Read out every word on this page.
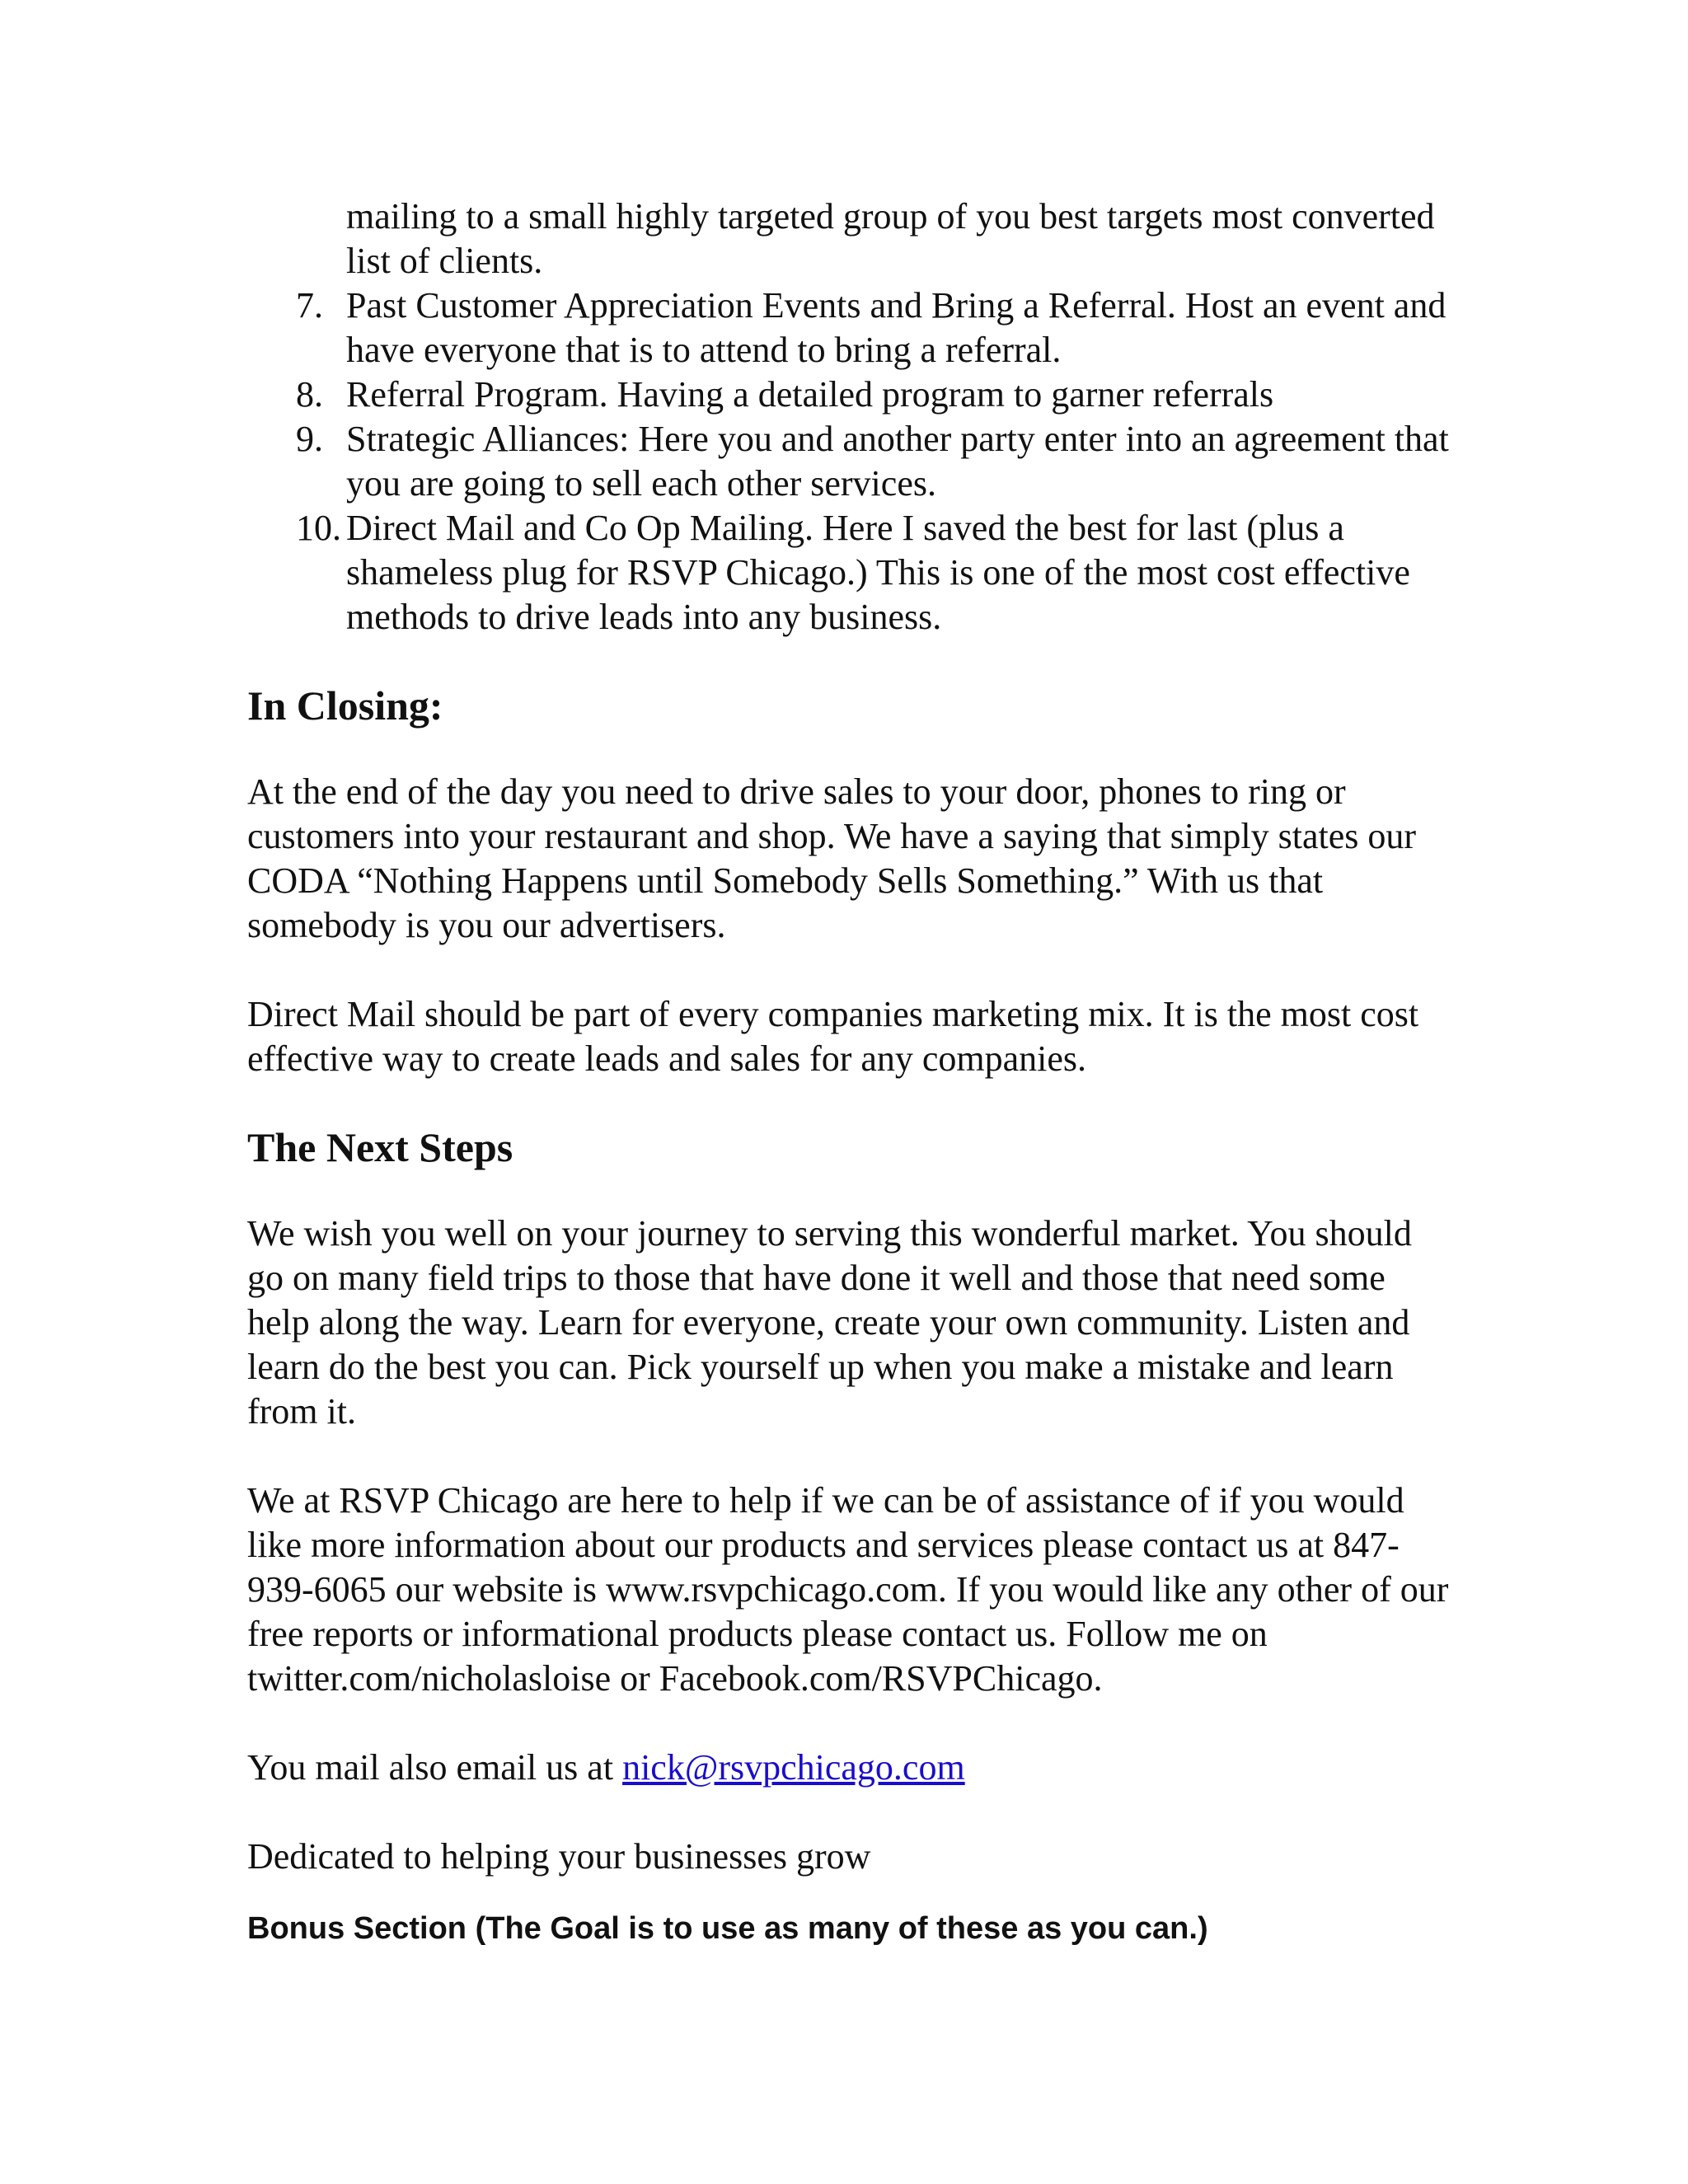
mailing to a small highly targeted group of you best targets most converted list of clients.
7. Past Customer Appreciation Events and Bring a Referral. Host an event and have everyone that is to attend to bring a referral.
8. Referral Program. Having a detailed program to garner referrals
9. Strategic Alliances: Here you and another party enter into an agreement that you are going to sell each other services.
10. Direct Mail and Co Op Mailing. Here I saved the best for last (plus a shameless plug for RSVP Chicago.) This is one of the most cost effective methods to drive leads into any business.
In Closing:

At the end of the day you need to drive sales to your door, phones to ring or customers into your restaurant and shop. We have a saying that simply states our CODA “Nothing Happens until Somebody Sells Something.” With us that somebody is you our advertisers.

Direct Mail should be part of every companies marketing mix. It is the most cost effective way to create leads and sales for any companies.

The Next Steps

We wish you well on your journey to serving this wonderful market. You should go on many field trips to those that have done it well and those that need some help along the way. Learn for everyone, create your own community. Listen and learn do the best you can. Pick yourself up when you make a mistake and learn from it.

We at RSVP Chicago are here to help if we can be of assistance of if you would like more information about our products and services please contact us at 847-939-6065 our website is www.rsvpchicago.com. If you would like any other of our free reports or informational products please contact us. Follow me on twitter.com/nicholasloise or Facebook.com/RSVPChicago.

You mail also email us at nick@rsvpchicago.com

Dedicated to helping your businesses grow

Bonus Section (The Goal is to use as many of these as you can.)
